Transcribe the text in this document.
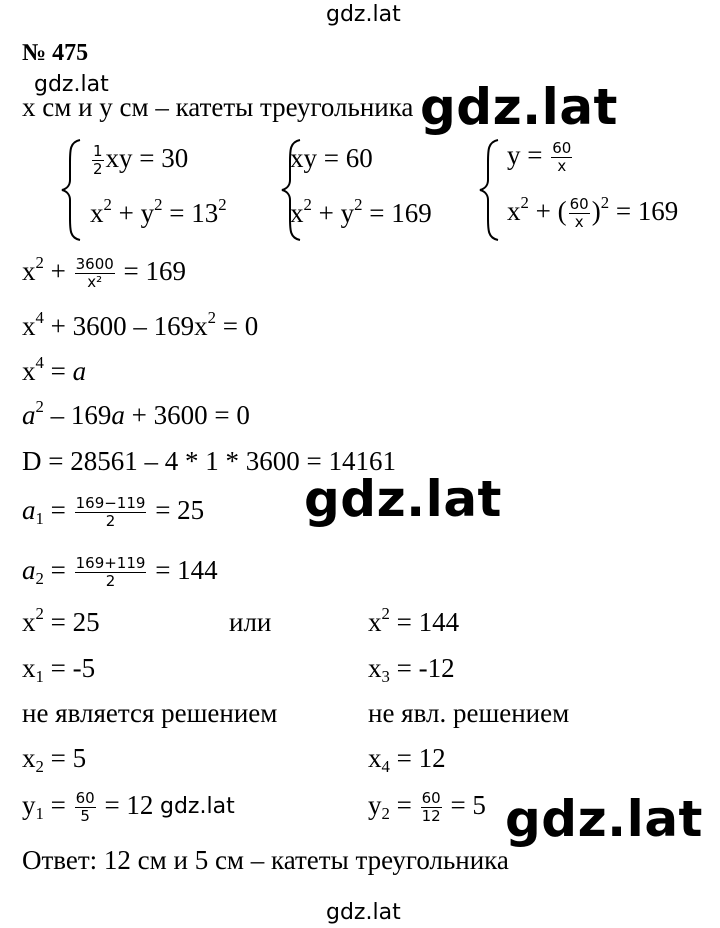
gdz.lat
gdz.lat	gdz.lat
gdz.lat
gdz.lat
gdz.lat
№ 475
x см и y см – катеты треугольника
$\frac{1}{2}$ xy = 30
$x^2 + y^2 = 13^2$
xy = 60
$x^2 + y^2 = 169$
$y = \frac{60}{x}$
$x^2$ + ( $\frac{60}{x} )^2 = 169$
$x^2 + \frac{3600}{\text{x²}} = 169$
$x^4 + 3600 - 169x^2 = 0$
$x^4 = a$
$a^2 - 169a + 3600 = 0$
D = 28561 – 4 * 1 * 3600 = 14161
$a_1 = \frac{169-119}{2} = 25$
$a_2 = \frac{169+119}{2} = 144$
$x^2 = 25$	или	$x^2 = 144$
$x_1 = -5$	$x_3 = -12$
не является решением	не явл. решением
$x_2 = 5$	$x_4 = 12$
$y_1 = \frac{60}{5} = 12$ gdz.lat	$y_2 = \frac{60}{12} = 5$
Ответ: 12 см и 5 см – катеты треугольника
